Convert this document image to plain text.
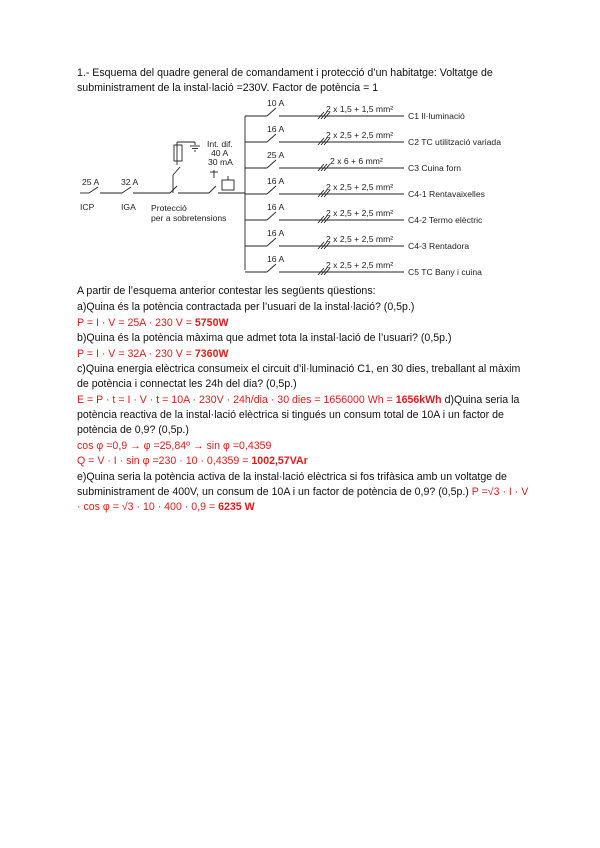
1.- Esquema del quadre general de comandament i protecció d’un habitatge: Voltatge de subministrament de la instal·lació =230V. Factor de potència = 1
25 A
ICP
32 A
IGA Protecció
per a sobretensions
Int. dif.
40 A
30 mA
10 A
2 x 1,5 + 1,5 mm²
C1 Il·luminació
16 A
2 x 2,5 + 2,5 mm²
C2 TC utilització variada
25 A
2 x 6 + 6 mm²
C3 Cuina forn
16 A
2 x 2,5 + 2,5 mm²
C4-1 Rentavaixelles
16 A
2 x 2,5 + 2,5 mm²
C4-2 Termo elèctric
16 A
2 x 2,5 + 2,5 mm²
C4-3 Rentadora
16 A
2 x 2,5 + 2,5 mm²
C5 TC Bany i cuina
A partir de l’esquema anterior contestar les següents qüestions:
a)Quina és la potència contractada per l’usuari de la instal·lació? (0,5p.)
P = I · V = 25A · 230 V = 5750W
b)Quina és la potència màxima que admet tota la instal·lació de l’usuari? (0,5p.)
P = I · V = 32A · 230 V = 7360W
c)Quina energia elèctrica consumeix el circuit d’il·luminació C1, en 30 dies, treballant al màxim de potència i connectat les 24h del dia? (0,5p.)
E = P · t = I · V · t = 10A · 230V · 24h/dia · 30 dies = 1656000 Wh = 1656kWh d)Quina seria la potència reactiva de la instal·lació elèctrica si tingués un consum total de 10A i un factor de potència de 0,9? (0,5p.)
cos φ =0,9 → φ =25,84º → sin φ =0,4359
Q = V · I · sin φ =230 · 10 · 0,4359 = 1002,57VAr
e)Quina seria la potència activa de la instal·lació elèctrica si fos trifàsica amb un voltatge de subministrament de 400V, un consum de 10A i un factor de potència de 0,9? (0,5p.) P =√3 · I · V · cos φ = √3 · 10 · 400 · 0,9 = 6235 W
